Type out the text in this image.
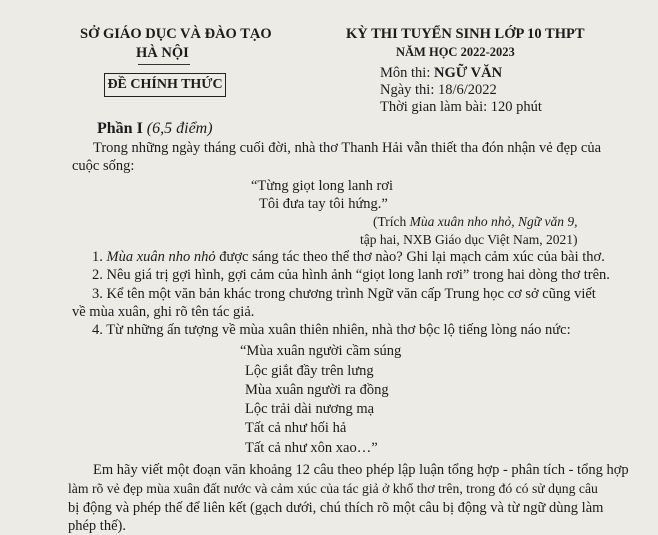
SỞ GIÁO DỤC VÀ ĐÀO TẠO
HÀ NỘI
ĐỀ CHÍNH THỨC
KỲ THI TUYỂN SINH LỚP 10 THPT
NĂM HỌC 2022-2023
Môn thi: NGỮ VĂN
Ngày thi: 18/6/2022
Thời gian làm bài: 120 phút
Phần I (6,5 điểm)
Trong những ngày tháng cuối đời, nhà thơ Thanh Hải vẫn thiết tha đón nhận vẻ đẹp của
cuộc sống:
“Từng giọt long lanh rơi
Tôi đưa tay tôi hứng.”
(Trích Mùa xuân nho nhỏ, Ngữ văn 9,
tập hai, NXB Giáo dục Việt Nam, 2021)
1. Mùa xuân nho nhỏ được sáng tác theo thể thơ nào? Ghi lại mạch cảm xúc của bài thơ.
2. Nêu giá trị gợi hình, gợi cảm của hình ảnh “giọt long lanh rơi” trong hai dòng thơ trên.
3. Kể tên một văn bản khác trong chương trình Ngữ văn cấp Trung học cơ sở cũng viết
về mùa xuân, ghi rõ tên tác giả.
4. Từ những ấn tượng về mùa xuân thiên nhiên, nhà thơ bộc lộ tiếng lòng náo nức:
“Mùa xuân người cầm súng
Lộc giắt đầy trên lưng
Mùa xuân người ra đồng
Lộc trải dài nương mạ
Tất cả như hối hả
Tất cả như xôn xao…”
Em hãy viết một đoạn văn khoảng 12 câu theo phép lập luận tổng hợp - phân tích - tổng hợp
làm rõ vẻ đẹp mùa xuân đất nước và cảm xúc của tác giả ở khổ thơ trên, trong đó có sử dụng câu
bị động và phép thế để liên kết (gạch dưới, chú thích rõ một câu bị động và từ ngữ dùng làm
phép thế).
